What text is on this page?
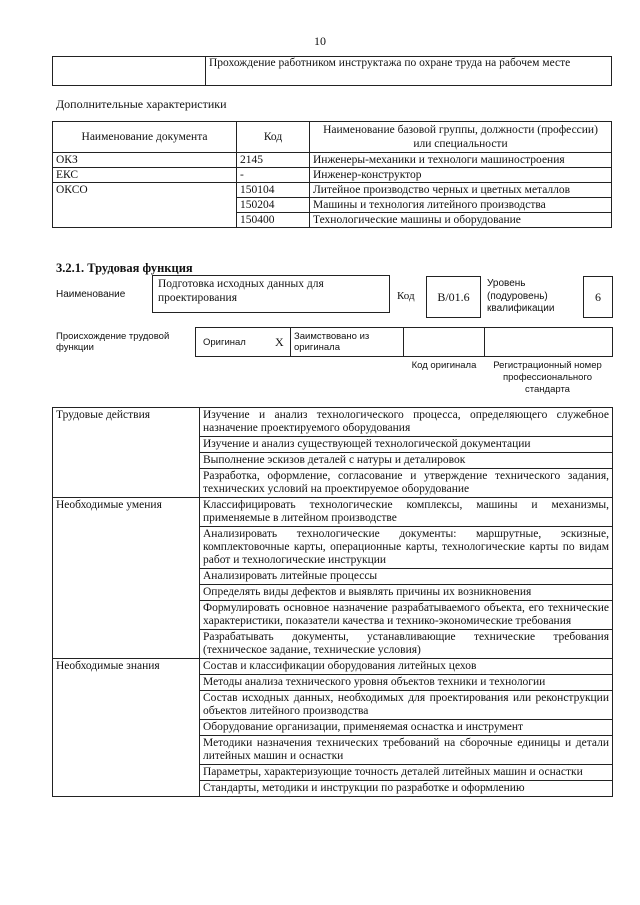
10
	Прохождение работником инструктажа по охране труда на рабочем месте
Дополнительные характеристики
Наименование документа	Код	Наименование базовой группы, должности (профессии) или специальности
ОКЗ	2145	Инженеры-механики и технологи машиностроения
ЕКС	-	Инженер-конструктор
ОКСО	150104	Литейное производство черных и цветных металлов
	150204	Машины и технология литейного производства
	150400	Технологические машины и оборудование
3.2.1. Трудовая функция
Наименование
Подготовка исходных данных для проектирования	Код	B/01.6
Уровень (подуровень) квалификации
6
Происхождение трудовой функции	Оригинал X	Заимствовано из оригинала
Код оригинала	Регистрационный номер профессионального стандарта
Трудовые действия	Изучение и анализ технологического процесса, определяющего служебное назначение проектируемого оборудования
	Изучение и анализ существующей технологической документации
	Выполнение эскизов деталей с натуры и деталировок
	Разработка, оформление, согласование и утверждение технического задания, технических условий на проектируемое оборудование
Необходимые умения	Классифицировать технологические комплексы, машины и механизмы, применяемые в литейном производстве
	Анализировать технологические документы: маршрутные, эскизные, комплектовочные карты, операционные карты, технологические карты по видам работ и технологические инструкции
	Анализировать литейные процессы
	Определять виды дефектов и выявлять причины их возникновения
	Формулировать основное назначение разрабатываемого объекта, его технические характеристики, показатели качества и технико-экономические требования
	Разрабатывать документы, устанавливающие технические требования (техническое задание, технические условия)
Необходимые знания	Состав и классификации оборудования литейных цехов
	Методы анализа технического уровня объектов техники и технологии
	Состав исходных данных, необходимых для проектирования или реконструкции объектов литейного производства
	Оборудование организации, применяемая оснастка и инструмент
	Методики назначения технических требований на сборочные единицы и детали литейных машин и оснастки
	Параметры, характеризующие точность деталей литейных машин и оснастки
	Стандарты, методики и инструкции по разработке и оформлению
